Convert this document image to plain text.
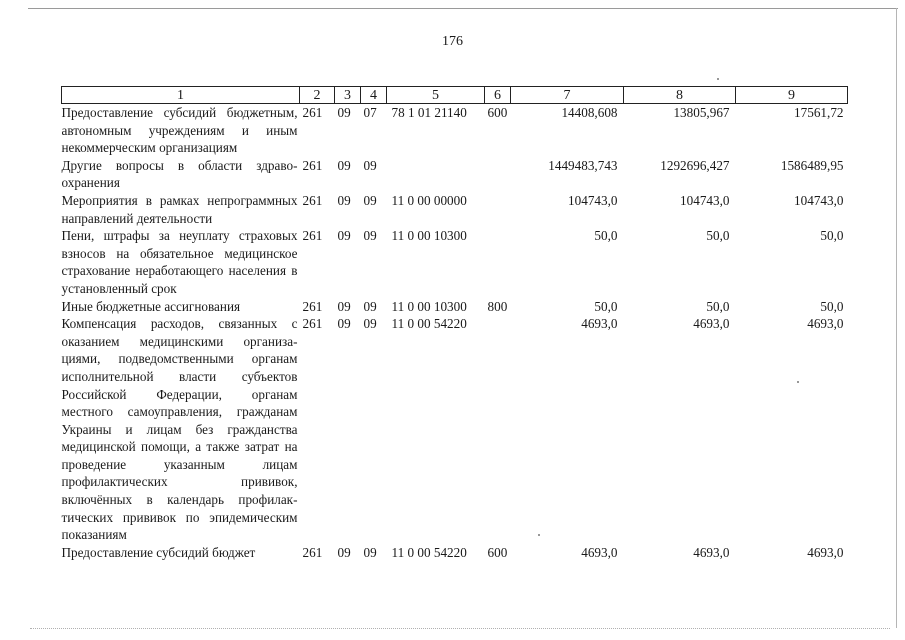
176
1	2	3	4	5	6	7	8	9
Предоставление субсидий бюджетным, автономным учреждениям и иным некоммерческим организациям	261	09	07	78 1 01 21140	600	14408,608	13805,967	17561,72
Другие вопросы в области здравоохранения	261	09	09			1449483,743	1292696,427	1586489,95
Мероприятия в рамках непрограммных направлений деятельности	261	09	09	11 0 00 00000		104743,0	104743,0	104743,0
Пени, штрафы за неуплату страховых взносов на обязательное медицинское страхование неработающего населения в установленный срок	261	09	09	11 0 00 10300		50,0	50,0	50,0
Иные бюджетные ассигнования	261	09	09	11 0 00 10300	800	50,0	50,0	50,0
Компенсация расходов, связанных с оказанием медицинскими организациями, подведомственными органам исполнительной власти субъектов Российской Федерации, органам местного самоуправления, гражданам Украины и лицам без гражданства медицинской помощи, а также затрат на проведение указанным лицам профилактических прививок, включённых в календарь профилактических прививок по эпидемическим показаниям	261	09	09	11 0 00 54220		4693,0	4693,0	4693,0
Предоставление субсидий бюджет	261	09	09	11 0 00 54220	600	4693,0	4693,0	4693,0
